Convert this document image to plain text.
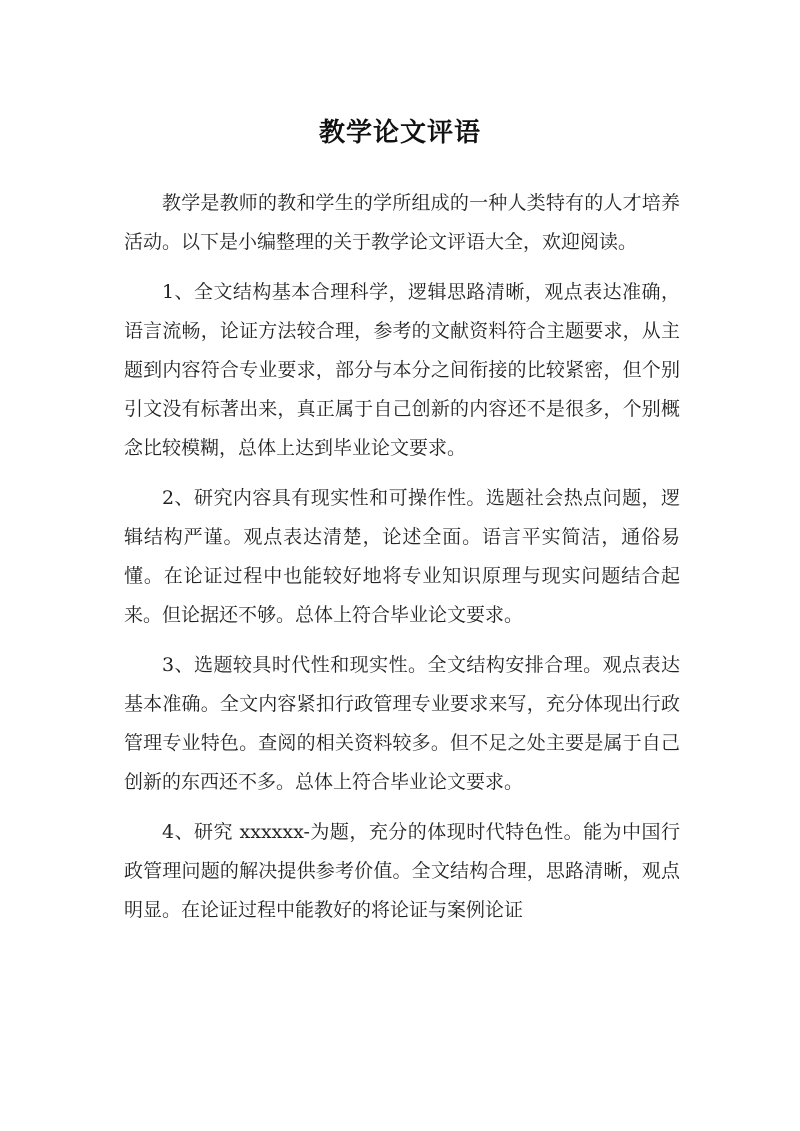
教学论文评语

教学是教师的教和学生的学所组成的一种人类特有的人才培养活动。以下是小编整理的关于教学论文评语大全，欢迎阅读。

1、全文结构基本合理科学，逻辑思路清晰，观点表达准确，语言流畅，论证方法较合理，参考的文献资料符合主题要求，从主题到内容符合专业要求，部分与本分之间衔接的比较紧密，但个别引文没有标著出来，真正属于自己创新的内容还不是很多，个别概念比较模糊，总体上达到毕业论文要求。

2、研究内容具有现实性和可操作性。选题社会热点问题，逻辑结构严谨。观点表达清楚，论述全面。语言平实简洁，通俗易懂。在论证过程中也能较好地将专业知识原理与现实问题结合起来。但论据还不够。总体上符合毕业论文要求。

3、选题较具时代性和现实性。全文结构安排合理。观点表达基本准确。全文内容紧扣行政管理专业要求来写，充分体现出行政管理专业特色。查阅的相关资料较多。但不足之处主要是属于自己创新的东西还不多。总体上符合毕业论文要求。

4、研究 xxxxxx-为题，充分的体现时代特色性。能为中国行政管理问题的解决提供参考价值。全文结构合理，思路清晰，观点明显。在论证过程中能教好的将论证与案例论证
